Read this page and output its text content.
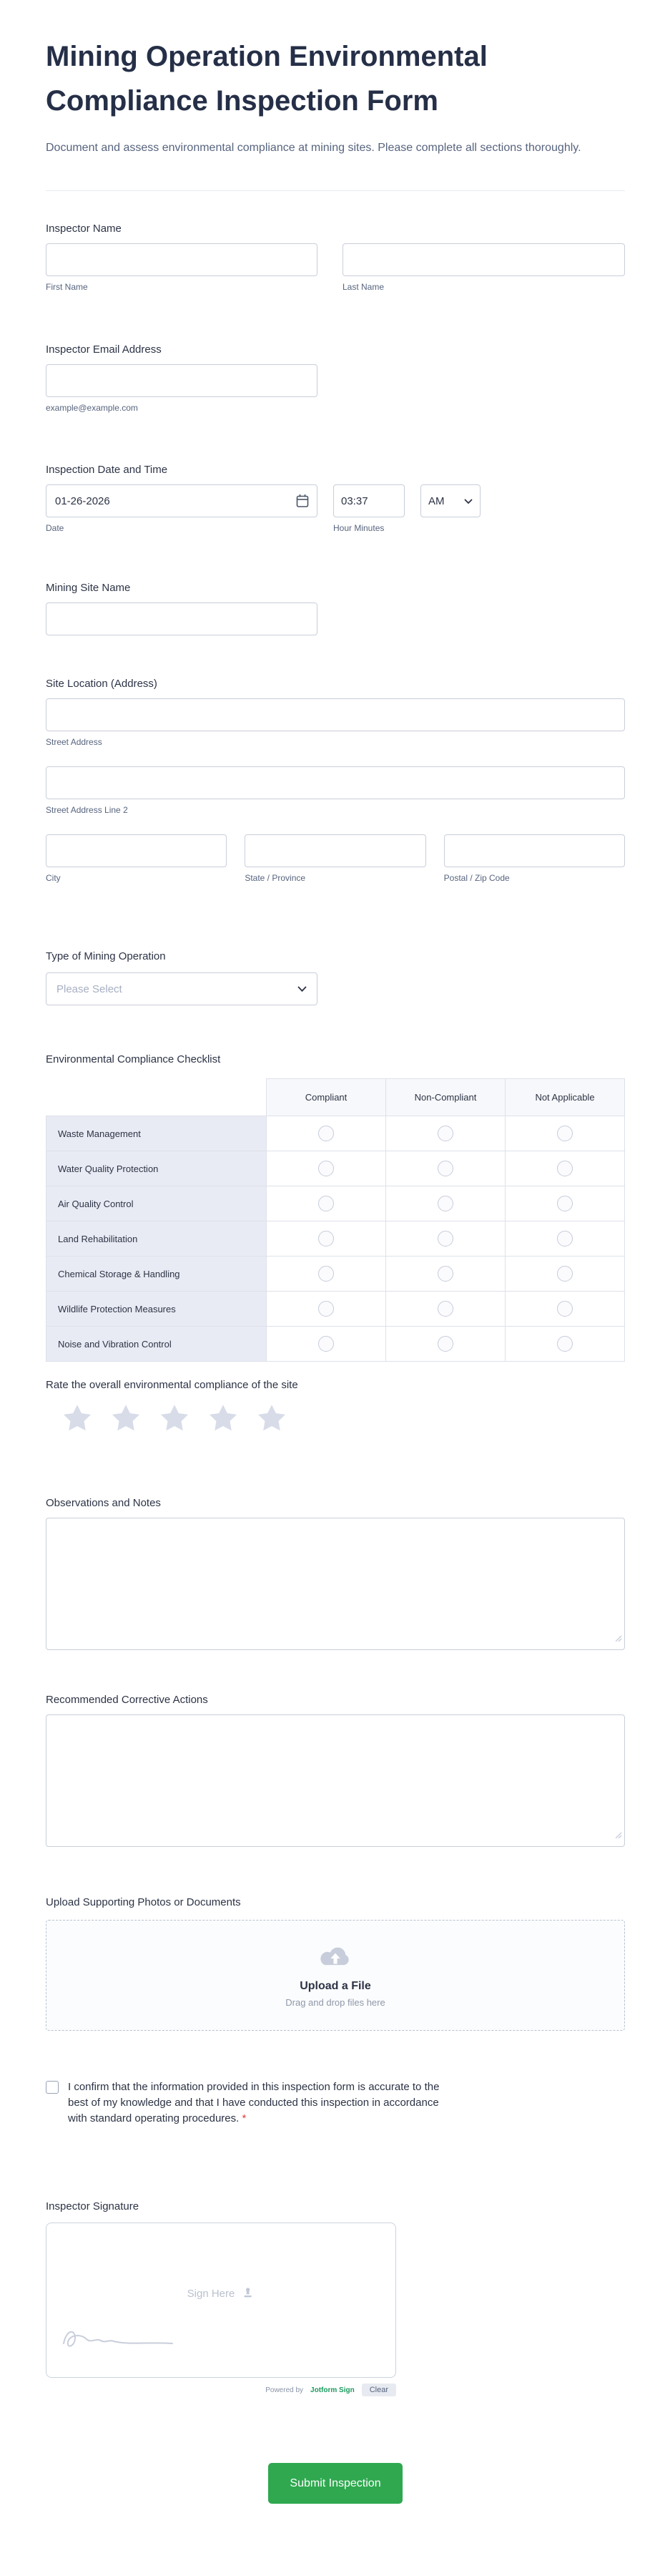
Mining Operation Environmental Compliance Inspection Form

Document and assess environmental compliance at mining sites. Please complete all sections thoroughly.

Inspector Name
First Name	Last Name
Inspector Email Address
example@example.com
Inspection Date and Time
01-26-2026
Date
03:37	Hour Minutes
AM
Mining Site Name
Site Location (Address)
Street Address
Street Address Line 2
City	State / Province	Postal / Zip Code
Type of Mining Operation
Please Select
Environmental Compliance Checklist
	Compliant	Non-Compliant	Not Applicable
Waste Management			
Water Quality Protection			
Air Quality Control			
Land Rehabilitation			
Chemical Storage & Handling			
Wildlife Protection Measures			
Noise and Vibration Control			
Rate the overall environmental compliance of the site
Observations and Notes
Recommended Corrective Actions
Upload Supporting Photos or Documents
Upload a File
Drag and drop files here

I confirm that the information provided in this inspection form is accurate to the best of my knowledge and that I have conducted this inspection in accordance with standard operating procedures. *

Inspector Signature
Sign Here
Powered by Jotform Sign	Clear
Submit Inspection
